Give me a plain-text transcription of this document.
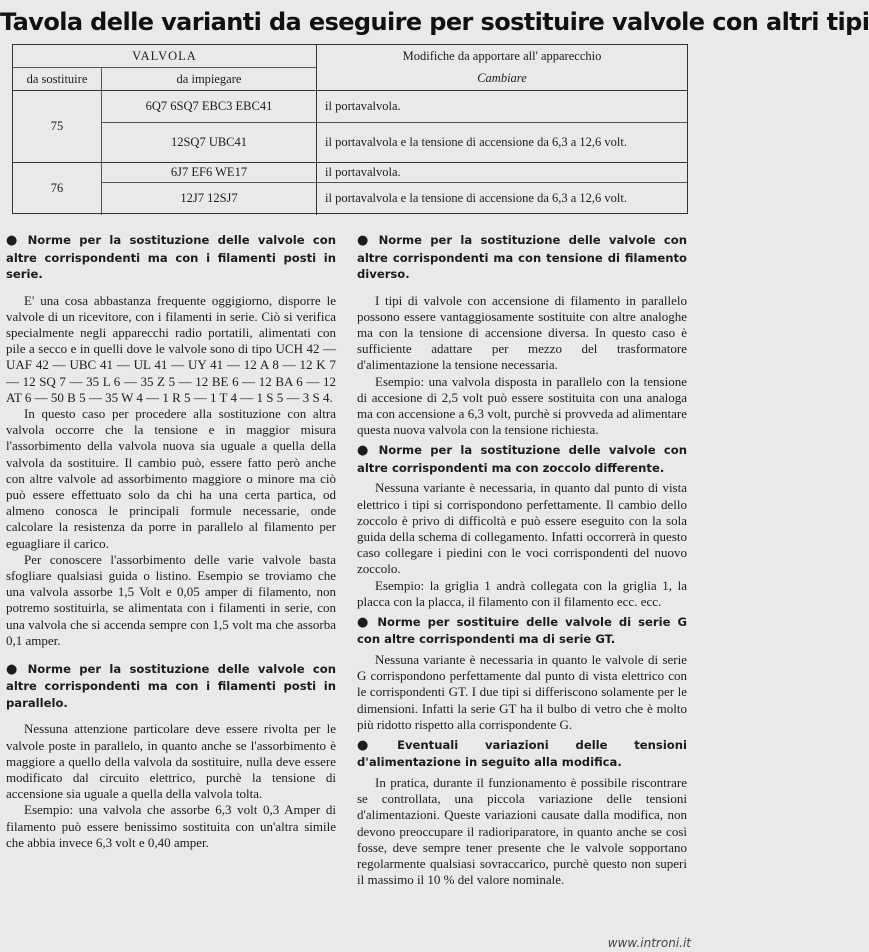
Tavola delle varianti da eseguire per sostituire valvole con altri tipi
VALVOLA		Modifiche da apportare all' apparecchio
da sostituire	da impiegare	Cambiare
75	6Q7 6SQ7 EBC3 EBC41	il portavalvola.
	12SQ7 UBC41	il portavalvola e la tensione di accensione da 6,3 a 12,6 volt.
76	6J7 EF6 WE17	il portavalvola.
	12J7 12SJ7	il portavalvola e la tensione di accensione da 6,3 a 12,6 volt.
● Norme per la sostituzione delle valvole con altre corrispondenti ma con i filamenti posti in serie.

E' una cosa abbastanza frequente oggigiorno, disporre le valvole di un ricevitore, con i filamenti in serie. Ciò si verifica specialmente negli apparecchi radio portatili, alimentati con pile a secco e in quelli dove le valvole sono di tipo UCH 42 — UAF 42 — UBC 41 — UL 41 — UY 41 — 12 A 8 — 12 K 7 — 12 SQ 7 — 35 L 6 — 35 Z 5 — 12 BE 6 — 12 BA 6 — 12 AT 6 — 50 B 5 — 35 W 4 — 1 R 5 — 1 T 4 — 1 S 5 — 3 S 4.

In questo caso per procedere alla sostituzione con altra valvola occorre che la tensione e in maggior misura l'assorbimento della valvola nuova sia uguale a quella della valvola da sostituire. Il cambio può, essere fatto però anche con altre valvole ad assorbimento maggiore o minore ma ciò può essere effettuato solo da chi ha una certa partica, od almeno conosca le principali formule necessarie, onde calcolare la resistenza da porre in parallelo al filamento per eguagliare il carico.

Per conoscere l'assorbimento delle varie valvole basta sfogliare qualsiasi guida o listino. Esempio se troviamo che una valvola assorbe 1,5 Volt e 0,05 amper di filamento, non potremo sostituirla, se alimentata con i filamenti in serie, con una valvola che si accenda sempre con 1,5 volt ma che assorba 0,1 amper.

● Norme per la sostituzione delle valvole con altre corrispondenti ma con i filamenti posti in parallelo.

Nessuna attenzione particolare deve essere rivolta per le valvole poste in parallelo, in quanto anche se l'assorbimento è maggiore a quello della valvola da sostituire, nulla deve essere modificato dal circuito elettrico, purchè la tensione di accensione sia uguale a quella della valvola tolta.

Esempio: una valvola che assorbe 6,3 volt 0,3 Amper di filamento può essere benissimo sostituita con un'altra simile che abbia invece 6,3 volt e 0,40 amper.

● Norme per la sostituzione delle valvole con altre corrispondenti ma con tensione di filamento diverso.

I tipi di valvole con accensione di filamento in parallelo possono essere vantaggiosamente sostituite con altre analoghe ma con la tensione di accensione diversa. In questo caso è sufficiente adattare per mezzo del trasformatore d'alimentazione la tensione necessaria.

Esempio: una valvola disposta in parallelo con la tensione di accesione di 2,5 volt può essere sostituita con una analoga ma con accensione a 6,3 volt, purchè si provveda ad alimentare questa nuova valvola con la tensione richiesta.

● Norme per la sostituzione delle valvole con altre corrispondenti ma con zoccolo differente.

Nessuna variante è necessaria, in quanto dal punto di vista elettrico i tipi si corrispondono perfettamente. Il cambio dello zoccolo è privo di difficoltà e può essere eseguito con la sola guida della schema di collegamento. Infatti occorrerà in questo caso collegare i piedini con le voci corrispondenti del nuovo zoccolo.

Esempio: la griglia 1 andrà collegata con la griglia 1, la placca con la placca, il filamento con il filamento ecc. ecc.

● Norme per sostituire delle valvole di serie G con altre corrispondenti ma di serie GT.

Nessuna variante è necessaria in quanto le valvole di serie G corrispondono perfettamente dal punto di vista elettrico con le corrispondenti GT. I due tipi si differiscono solamente per le dimensioni. Infatti la serie GT ha il bulbo di vetro che è molto più ridotto rispetto alla corrispondente G.

● Eventuali variazioni delle tensioni d'alimentazione in seguito alla modifica.

In pratica, durante il funzionamento è possibile riscontrare se controllata, una piccola variazione delle tensioni d'alimentazioni. Queste variazioni causate dalla modifica, non devono preoccupare il radioriparatore, in quanto anche se così fosse, deve sempre tener presente che le valvole sopportano regolarmente qualsiasi sovraccarico, purchè questo non superi il massimo il 10 % del valore nominale.

www.introni.it
